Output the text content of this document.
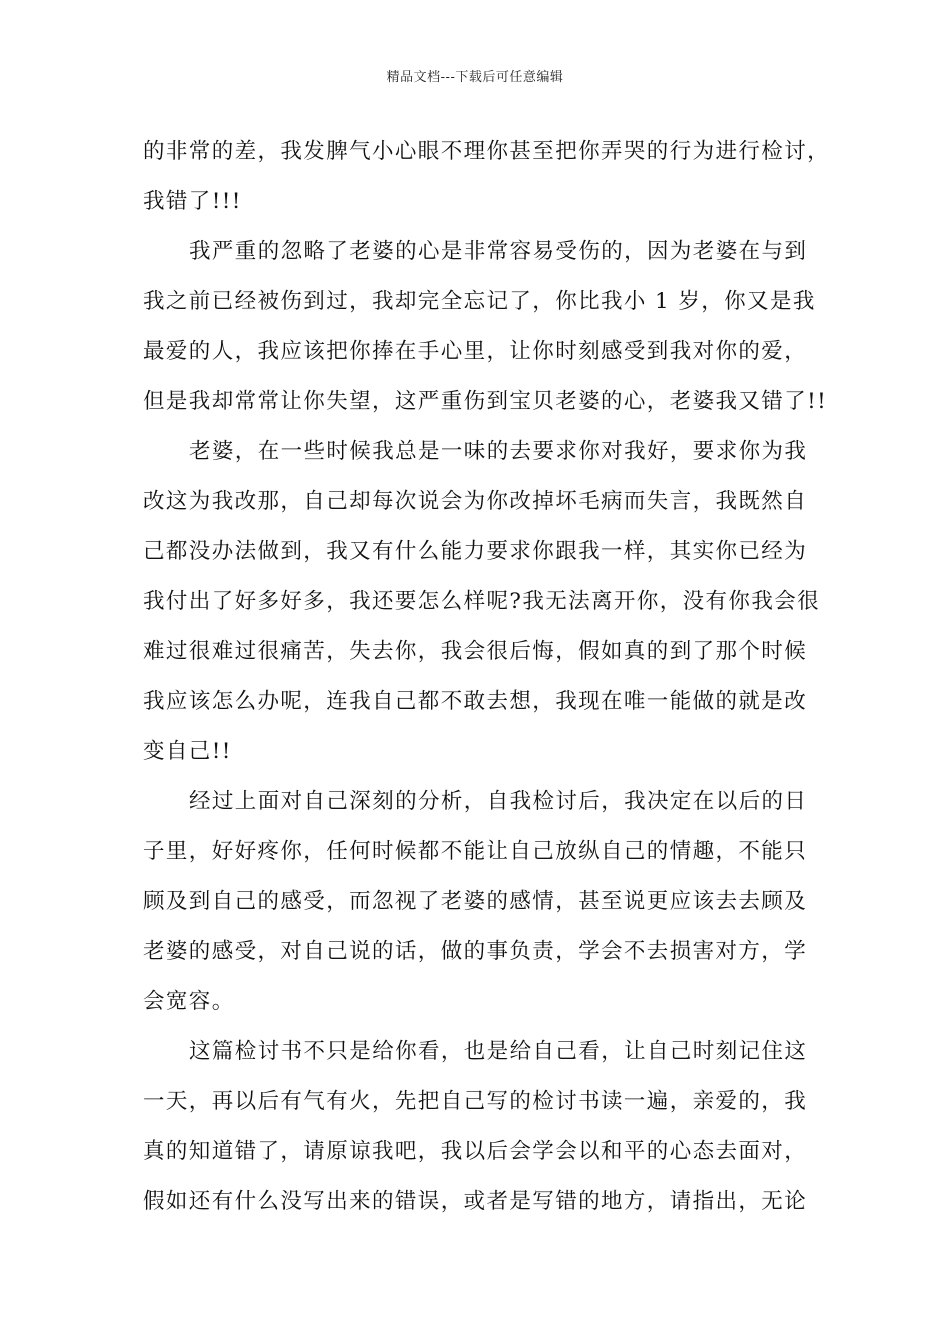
精品文档---下载后可任意编辑
的非常的差，我发脾气小心眼不理你甚至把你弄哭的行为进行检讨，
我错了!!!
我严重的忽略了老婆的心是非常容易受伤的，因为老婆在与到
我之前已经被伤到过，我却完全忘记了，你比我小 1 岁，你又是我
最爱的人，我应该把你捧在手心里，让你时刻感受到我对你的爱，
但是我却常常让你失望，这严重伤到宝贝老婆的心，老婆我又错了!!
老婆，在一些时候我总是一味的去要求你对我好，要求你为我
改这为我改那，自己却每次说会为你改掉坏毛病而失言，我既然自
己都没办法做到，我又有什么能力要求你跟我一样，其实你已经为
我付出了好多好多，我还要怎么样呢?我无法离开你，没有你我会很
难过很难过很痛苦，失去你，我会很后悔，假如真的到了那个时候
我应该怎么办呢，连我自己都不敢去想，我现在唯一能做的就是改
变自己!!
经过上面对自己深刻的分析，自我检讨后，我决定在以后的日
子里，好好疼你，任何时候都不能让自己放纵自己的情趣，不能只
顾及到自己的感受，而忽视了老婆的感情，甚至说更应该去去顾及
老婆的感受，对自己说的话，做的事负责，学会不去损害对方，学
会宽容。
这篇检讨书不只是给你看，也是给自己看，让自己时刻记住这
一天，再以后有气有火，先把自己写的检讨书读一遍，亲爱的，我
真的知道错了，请原谅我吧，我以后会学会以和平的心态去面对，
假如还有什么没写出来的错误，或者是写错的地方，请指出，无论
